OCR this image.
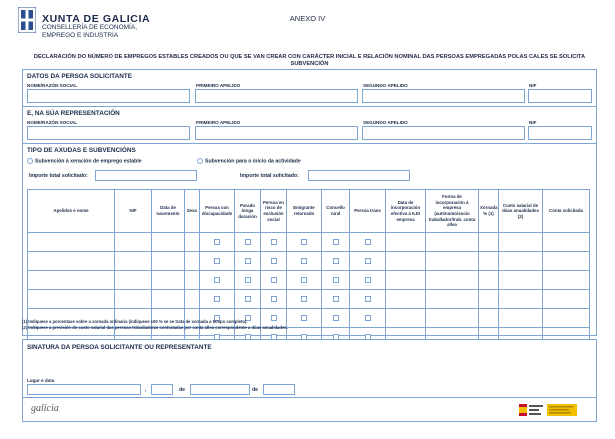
XUNTA DE GALICIA
CONSELLERÍA DE ECONOMÍA,
EMPREGO E INDUSTRIA
ANEXO IV
DECLARACIÓN DO NÚMERO DE EMPREGOS ESTABLES CREADOS OU QUE SE VAN CREAR CON CARÁCTER INICIAL E RELACIÓN NOMINAL DAS PERSOAS EMPREGADAS POLAS CALES SE SOLICITA
SUBVENCIÓN
DATOS DA PERSOA SOLICITANTE
NOME/RAZÓN SOCIAL	PRIMEIRO APELIDO	SEGUNDO APELIDO	NIF
E, NA SÚA REPRESENTACIÓN
NOME/RAZÓN SOCIAL	PRIMEIRO APELIDO	SEGUNDO APELIDO	NIF
TIPO DE AXUDAS E SUBVENCIÓNS
Subvención á xeración de emprego estable	Subvención para o inicio da actividade
Importe total solicitado:	Importe total solicitado:
Apelidos e nome	NIF	Data de nacemento	Sexo	Persoa con discapacidade	Parado longa duración	Persoa en risco de exclusión social	Emigrante retornado	Concello rural	Persoa trans	Data de incorporación efectiva á ILE/ empresa	Forma de incorporación á empresa (autónomo/socio traballador/trab. conta allea	Xornada % (1)	Custo salarial de dúas anualidades (2)	Conta solicitada

(1) Indíquese a porcentaxe sobre a xornada ordinaria (indíquese 100 % se se trata de xornada a tempo completo).
(2) Indíquese a previsión do custo salarial das persoas traballadoras contratadas por conta allea correspondente a dúas anualidades.
SINATURA DA PERSOA SOLICITANTE OU REPRESENTANTE
Lugar e data
,	de	de
galicia
